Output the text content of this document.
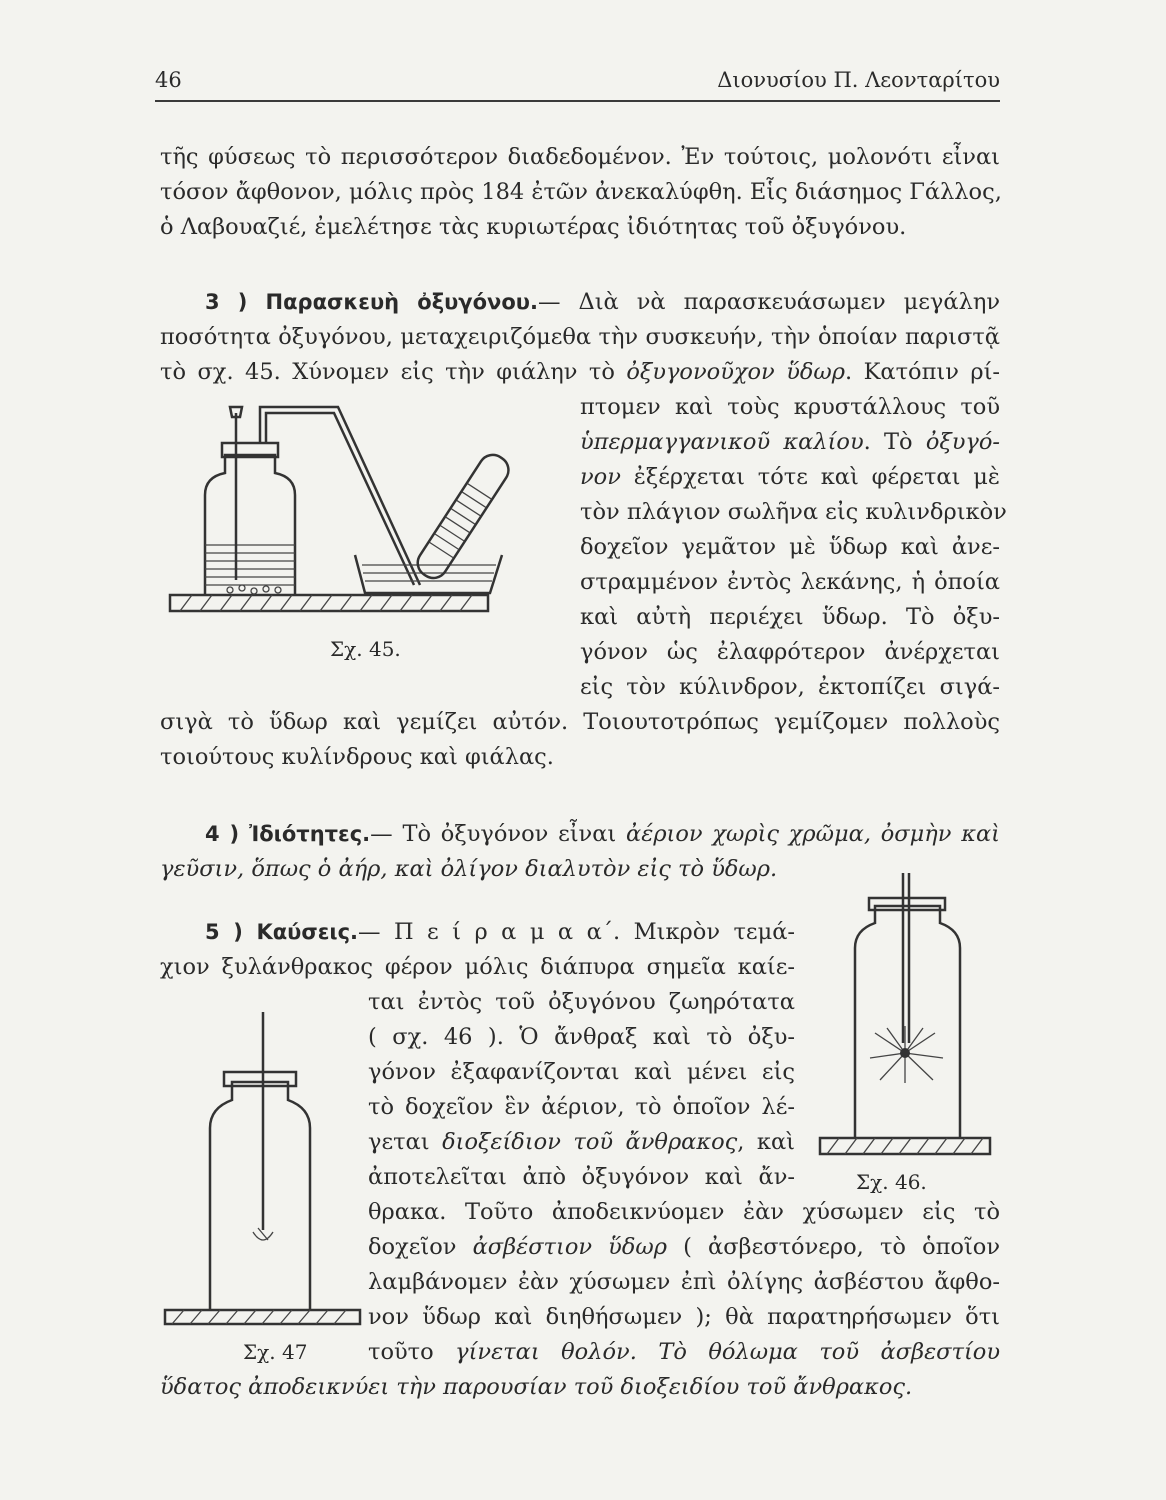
46	Διονυσίου Π. Λεονταρίτου
τῆς φύσεως τὸ περισσότερον διαδεδομένον. Ἐν τούτοις, μολονότι εἶναι
τόσον ἄφθονον, μόλις πρὸς 184 ἐτῶν ἀνεκαλύφθη. Εἷς διάσημος Γάλλος,
ὁ Λαβουαζιέ, ἐμελέτησε τὰς κυριωτέρας ἰδιότητας τοῦ ὀξυγόνου.
3 ) Παρασκευὴ ὀξυγόνου.— Διὰ νὰ παρασκευάσωμεν μεγάλην
ποσότητα ὀξυγόνου, μεταχειριζόμεθα τὴν συσκευήν, τὴν ὁποίαν παριστᾷ
τὸ σχ. 45. Χύνομεν εἰς τὴν φιάλην τὸ ὀξυγονοῦχον ὕδωρ. Κατόπιν ρί-
πτομεν καὶ τοὺς κρυστάλλους τοῦ
ὑπερμαγγανικοῦ καλίου. Τὸ ὀξυγό-
νον ἐξέρχεται τότε καὶ φέρεται μὲ
τὸν πλάγιον σωλῆνα εἰς κυλινδρικὸν
δοχεῖον γεμᾶτον μὲ ὕδωρ καὶ ἀνε-
στραμμένον ἐντὸς λεκάνης, ἡ ὁποία
καὶ αὐτὴ περιέχει ὕδωρ. Τὸ ὀξυ-
γόνον ὡς ἐλαφρότερον ἀνέρχεται
εἰς τὸν κύλινδρον, ἐκτοπίζει σιγά-
σιγὰ τὸ ὕδωρ καὶ γεμίζει αὐτόν. Τοιουτοτρόπως γεμίζομεν πολλοὺς
τοιούτους κυλίνδρους καὶ φιάλας.
Σχ. 45.
4 ) Ἰδιότητες.— Τὸ ὀξυγόνον εἶναι ἀέριον χωρὶς χρῶμα, ὀσμὴν καὶ
γεῦσιν, ὅπως ὁ ἀήρ, καὶ ὀλίγον διαλυτὸν εἰς τὸ ὕδωρ.
5 ) Καύσεις.— Π ε ί ρ α μ α α΄. Μικρὸν τεμά-
χιον ξυλάνθρακος φέρον μόλις διάπυρα σημεῖα καίε-
ται ἐντὸς τοῦ ὀξυγόνου ζωηρότατα
( σχ. 46 ). Ὁ ἄνθραξ καὶ τὸ ὀξυ-
γόνον ἐξαφανίζονται καὶ μένει εἰς
τὸ δοχεῖον ἓν ἀέριον, τὸ ὁποῖον λέ-
γεται διοξείδιον τοῦ ἄνθρακος, καὶ
ἀποτελεῖται ἀπὸ ὀξυγόνον καὶ ἄν-
θρακα. Τοῦτο ἀποδεικνύομεν ἐὰν χύσωμεν εἰς τὸ
δοχεῖον ἀσβέστιον ὕδωρ ( ἀσβεστόνερο, τὸ ὁποῖον
λαμβάνομεν ἐὰν χύσωμεν ἐπὶ ὀλίγης ἀσβέστου ἄφθο-
νον ὕδωρ καὶ διηθήσωμεν ); θὰ παρατηρήσωμεν ὅτι
τοῦτο γίνεται θολόν. Τὸ θόλωμα τοῦ ἀσβεστίου
ὕδατος ἀποδεικνύει τὴν παρουσίαν τοῦ διοξειδίου τοῦ ἄνθρακος.
Σχ. 46.
Σχ. 47
